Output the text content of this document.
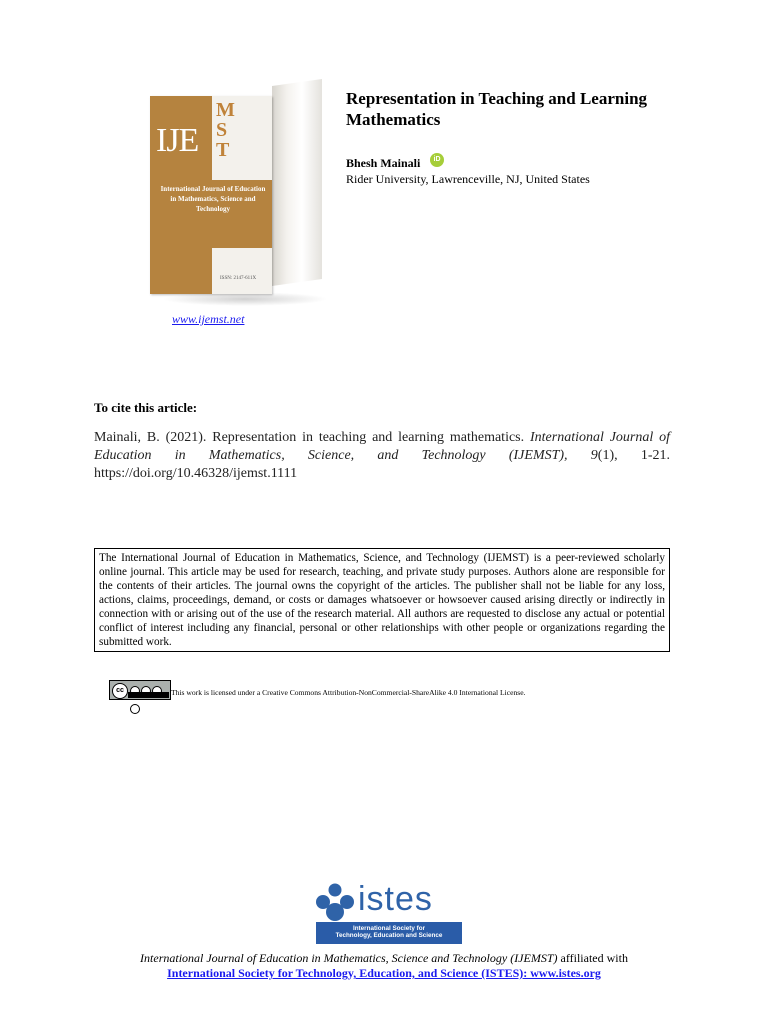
IJE
M S T
International Journal of Education in Mathematics, Science and Technology
ISSN: 2147-611X
www.ijemst.net
Representation in Teaching and Learning Mathematics
Bhesh Mainali	iD
Rider University, Lawrenceville, NJ, United States
To cite this article:
Mainali, B. (2021). Representation in teaching and learning mathematics. International Journal of Education in Mathematics, Science, and Technology (IJEMST), 9(1), 1-21. https://doi.org/10.46328/ijemst.1111
The International Journal of Education in Mathematics, Science, and Technology (IJEMST) is a peer-reviewed scholarly online journal. This article may be used for research, teaching, and private study purposes. Authors alone are responsible for the contents of their articles. The journal owns the copyright of the articles. The publisher shall not be liable for any loss, actions, claims, proceedings, demand, or costs or damages whatsoever or howsoever caused arising directly or indirectly in connection with or arising out of the use of the research material. All authors are requested to disclose any actual or potential conflict of interest including any financial, personal or other relationships with other people or organizations regarding the submitted work.
cc	This work is licensed under a Creative Commons Attribution-NonCommercial-ShareAlike 4.0 International License.
istes
International Society for
Technology, Education and Science
International Journal of Education in Mathematics, Science and Technology (IJEMST) affiliated with
International Society for Technology, Education, and Science (ISTES): www.istes.org
